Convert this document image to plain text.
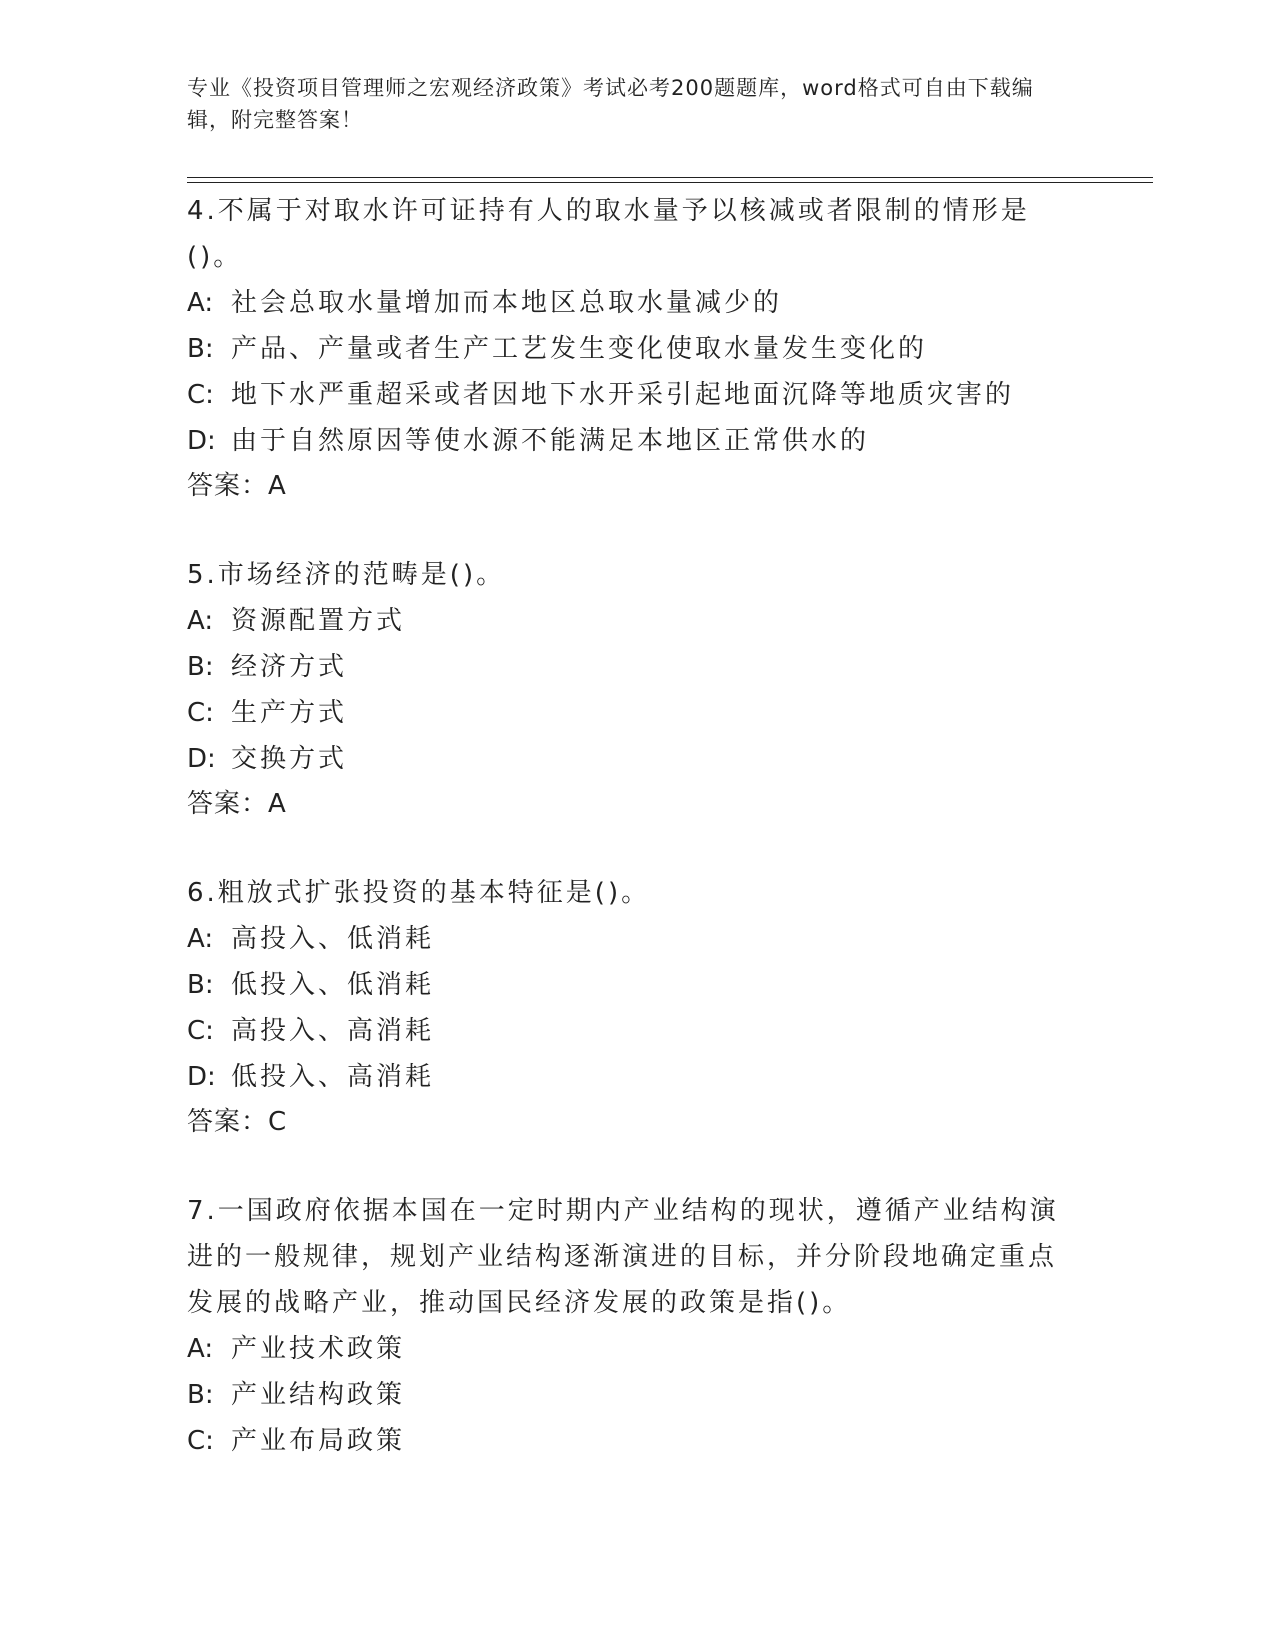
专业《投资项目管理师之宏观经济政策》考试必考200题题库，word格式可自由下载编辑，附完整答案！

4.不属于对取水许可证持有人的取水量予以核减或者限制的情形是()。

A: 社会总取水量增加而本地区总取水量减少的

B: 产品、产量或者生产工艺发生变化使取水量发生变化的

C: 地下水严重超采或者因地下水开采引起地面沉降等地质灾害的

D: 由于自然原因等使水源不能满足本地区正常供水的

答案：A

5.市场经济的范畴是()。

A: 资源配置方式

B: 经济方式

C: 生产方式

D: 交换方式

答案：A

6.粗放式扩张投资的基本特征是()。

A: 高投入、低消耗

B: 低投入、低消耗

C: 高投入、高消耗

D: 低投入、高消耗

答案：C

7.一国政府依据本国在一定时期内产业结构的现状，遵循产业结构演进的一般规律，规划产业结构逐渐演进的目标，并分阶段地确定重点发展的战略产业，推动国民经济发展的政策是指()。

A: 产业技术政策

B: 产业结构政策

C: 产业布局政策
